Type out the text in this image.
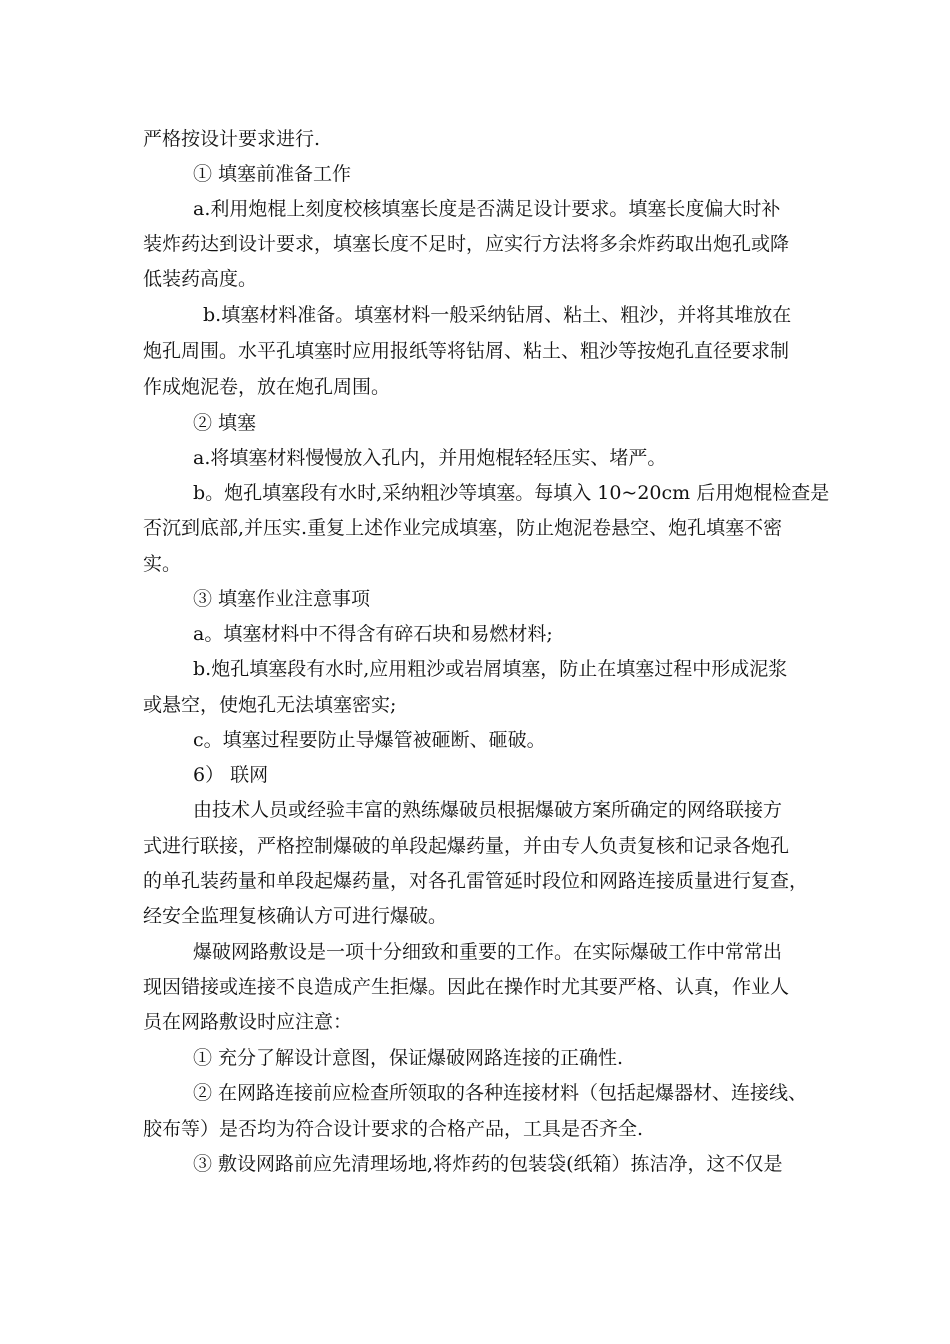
严格按设计要求进行.
① 填塞前准备工作
a.利用炮棍上刻度校核填塞长度是否满足设计要求。填塞长度偏大时补
装炸药达到设计要求，填塞长度不足时，应实行方法将多余炸药取出炮孔或降
低装药高度。
b.填塞材料准备。填塞材料一般采纳钻屑、粘土、粗沙，并将其堆放在
炮孔周围。水平孔填塞时应用报纸等将钻屑、粘土、粗沙等按炮孔直径要求制
作成炮泥卷，放在炮孔周围。
② 填塞
a.将填塞材料慢慢放入孔内，并用炮棍轻轻压实、堵严。
b。炮孔填塞段有水时,采纳粗沙等填塞。每填入 10~20cm 后用炮棍检查是
否沉到底部,并压实.重复上述作业完成填塞，防止炮泥卷悬空、炮孔填塞不密
实。
③ 填塞作业注意事项
a。填塞材料中不得含有碎石块和易燃材料;
b.炮孔填塞段有水时,应用粗沙或岩屑填塞，防止在填塞过程中形成泥浆
或悬空，使炮孔无法填塞密实;
c。填塞过程要防止导爆管被砸断、砸破。
6） 联网
由技术人员或经验丰富的熟练爆破员根据爆破方案所确定的网络联接方
式进行联接，严格控制爆破的单段起爆药量，并由专人负责复核和记录各炮孔
的单孔装药量和单段起爆药量，对各孔雷管延时段位和网路连接质量进行复查，
经安全监理复核确认方可进行爆破。
爆破网路敷设是一项十分细致和重要的工作。在实际爆破工作中常常出
现因错接或连接不良造成产生拒爆。因此在操作时尤其要严格、认真，作业人
员在网路敷设时应注意：
① 充分了解设计意图，保证爆破网路连接的正确性.
② 在网路连接前应检查所领取的各种连接材料（包括起爆器材、连接线、
胶布等）是否均为符合设计要求的合格产品，工具是否齐全.
③ 敷设网路前应先清理场地,将炸药的包装袋(纸箱）拣洁净，这不仅是
